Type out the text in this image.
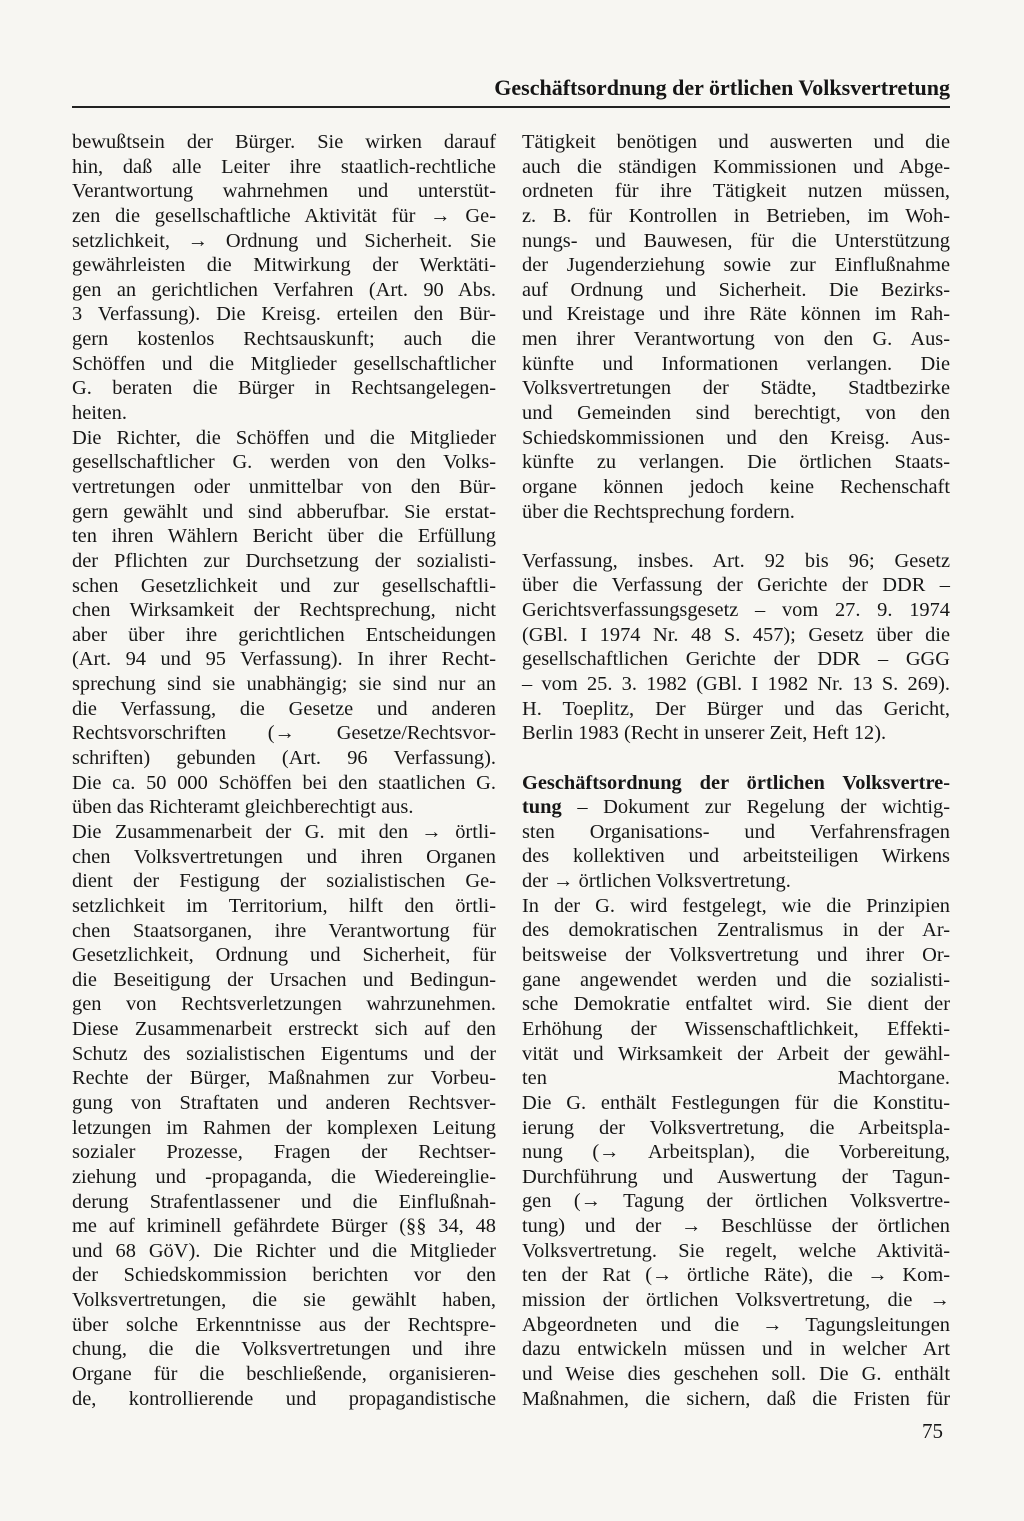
Geschäftsordnung der örtlichen Volksvertretung
bewußtsein der Bürger. Sie wirken darauf
hin, daß alle Leiter ihre staatlich-rechtliche
Verantwortung wahrnehmen und unterstüt-
zen die gesellschaftliche Aktivität für → Ge-
setzlichkeit, → Ordnung und Sicherheit. Sie
gewährleisten die Mitwirkung der Werktäti-
gen an gerichtlichen Verfahren (Art. 90 Abs.
3 Verfassung). Die Kreisg. erteilen den Bür-
gern kostenlos Rechtsauskunft; auch die
Schöffen und die Mitglieder gesellschaftlicher
G. beraten die Bürger in Rechtsangelegen-
heiten.
Die Richter, die Schöffen und die Mitglieder
gesellschaftlicher G. werden von den Volks-
vertretungen oder unmittelbar von den Bür-
gern gewählt und sind abberufbar. Sie erstat-
ten ihren Wählern Bericht über die Erfüllung
der Pflichten zur Durchsetzung der sozialisti-
schen Gesetzlichkeit und zur gesellschaftli-
chen Wirksamkeit der Rechtsprechung, nicht
aber über ihre gerichtlichen Entscheidungen
(Art. 94 und 95 Verfassung). In ihrer Recht-
sprechung sind sie unabhängig; sie sind nur an
die Verfassung, die Gesetze und anderen
Rechtsvorschriften (→ Gesetze/Rechtsvor-
schriften) gebunden (Art. 96 Verfassung).
Die ca. 50 000 Schöffen bei den staatlichen G.
üben das Richteramt gleichberechtigt aus.
Die Zusammenarbeit der G. mit den → örtli-
chen Volksvertretungen und ihren Organen
dient der Festigung der sozialistischen Ge-
setzlichkeit im Territorium, hilft den örtli-
chen Staatsorganen, ihre Verantwortung für
Gesetzlichkeit, Ordnung und Sicherheit, für
die Beseitigung der Ursachen und Bedingun-
gen von Rechtsverletzungen wahrzunehmen.
Diese Zusammenarbeit erstreckt sich auf den
Schutz des sozialistischen Eigentums und der
Rechte der Bürger, Maßnahmen zur Vorbeu-
gung von Straftaten und anderen Rechtsver-
letzungen im Rahmen der komplexen Leitung
sozialer Prozesse, Fragen der Rechtser-
ziehung und -propaganda, die Wiedereinglie-
derung Strafentlassener und die Einflußnah-
me auf kriminell gefährdete Bürger (§§ 34, 48
und 68 GöV). Die Richter und die Mitglieder
der Schiedskommission berichten vor den
Volksvertretungen, die sie gewählt haben,
über solche Erkenntnisse aus der Rechtspre-
chung, die die Volksvertretungen und ihre
Organe für die beschließende, organisieren-
de, kontrollierende und propagandistische
Tätigkeit benötigen und auswerten und die
auch die ständigen Kommissionen und Abge-
ordneten für ihre Tätigkeit nutzen müssen,
z. B. für Kontrollen in Betrieben, im Woh-
nungs- und Bauwesen, für die Unterstützung
der Jugenderziehung sowie zur Einflußnahme
auf Ordnung und Sicherheit. Die Bezirks-
und Kreistage und ihre Räte können im Rah-
men ihrer Verantwortung von den G. Aus-
künfte und Informationen verlangen. Die
Volksvertretungen der Städte, Stadtbezirke
und Gemeinden sind berechtigt, von den
Schiedskommissionen und den Kreisg. Aus-
künfte zu verlangen. Die örtlichen Staats-
organe können jedoch keine Rechenschaft
über die Rechtsprechung fordern.
Verfassung, insbes. Art. 92 bis 96; Gesetz
über die Verfassung der Gerichte der DDR –
Gerichtsverfassungsgesetz – vom 27. 9. 1974
(GBl. I 1974 Nr. 48 S. 457); Gesetz über die
gesellschaftlichen Gerichte der DDR – GGG
– vom 25. 3. 1982 (GBl. I 1982 Nr. 13 S. 269).
H. Toeplitz, Der Bürger und das Gericht,
Berlin 1983 (Recht in unserer Zeit, Heft 12).
Geschäftsordnung der örtlichen Volksvertre-
tung – Dokument zur Regelung der wichtig-
sten Organisations- und Verfahrensfragen
des kollektiven und arbeitsteiligen Wirkens
der → örtlichen Volksvertretung.
In der G. wird festgelegt, wie die Prinzipien
des demokratischen Zentralismus in der Ar-
beitsweise der Volksvertretung und ihrer Or-
gane angewendet werden und die sozialisti-
sche Demokratie entfaltet wird. Sie dient der
Erhöhung der Wissenschaftlichkeit, Effekti-
vität und Wirksamkeit der Arbeit der gewähl-
ten Machtorgane.
Die G. enthält Festlegungen für die Konstitu-
ierung der Volksvertretung, die Arbeitspla-
nung (→ Arbeitsplan), die Vorbereitung,
Durchführung und Auswertung der Tagun-
gen (→ Tagung der örtlichen Volksvertre-
tung) und der → Beschlüsse der örtlichen
Volksvertretung. Sie regelt, welche Aktivitä-
ten der Rat (→ örtliche Räte), die → Kom-
mission der örtlichen Volksvertretung, die →
Abgeordneten und die → Tagungsleitungen
dazu entwickeln müssen und in welcher Art
und Weise dies geschehen soll. Die G. enthält
Maßnahmen, die sichern, daß die Fristen für
75
